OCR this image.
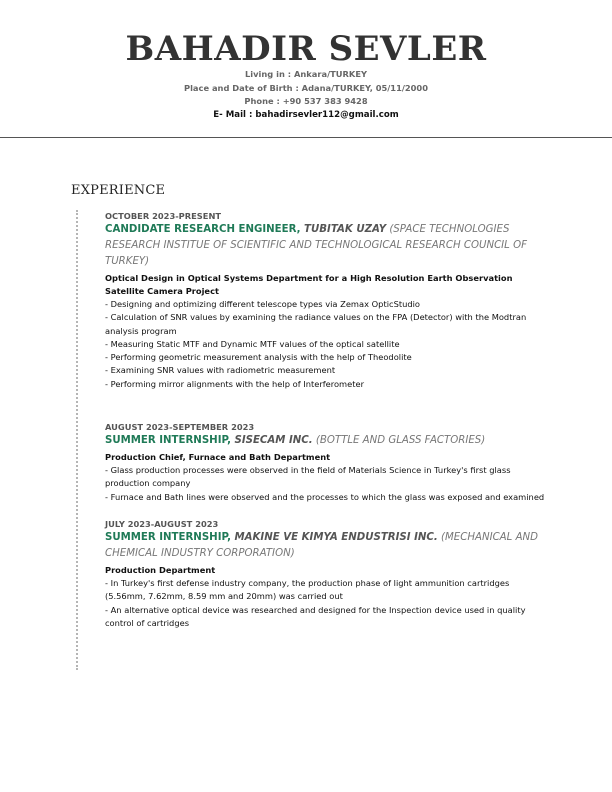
BAHADIR SEVLER
Living in : Ankara/TURKEY
Place and Date of Birth : Adana/TURKEY, 05/11/2000
Phone : +90 537 383 9428
E- Mail : bahadirsevler112@gmail.com
EXPERIENCE
OCTOBER 2023-PRESENT
CANDIDATE RESEARCH ENGINEER, TUBITAK UZAY (SPACE TECHNOLOGIES RESEARCH INSTITUE OF SCIENTIFIC AND TECHNOLOGICAL RESEARCH COUNCIL OF TURKEY)
Optical Design in Optical Systems Department for a High Resolution Earth Observation Satellite Camera Project
- Designing and optimizing different telescope types via Zemax OpticStudio
- Calculation of SNR values by examining the radiance values on the FPA (Detector) with the Modtran analysis program
- Measuring Static MTF and Dynamic MTF values of the optical satellite
- Performing geometric measurement analysis with the help of Theodolite
- Examining SNR values with radiometric measurement
- Performing mirror alignments with the help of Interferometer
AUGUST 2023-SEPTEMBER 2023
SUMMER INTERNSHIP, SISECAM INC. (BOTTLE AND GLASS FACTORIES)
Production Chief, Furnace and Bath Department
- Glass production processes were observed in the field of Materials Science in Turkey's first glass production company
- Furnace and Bath lines were observed and the processes to which the glass was exposed and examined
JULY 2023-AUGUST 2023
SUMMER INTERNSHIP, MAKINE VE KIMYA ENDUSTRISI INC. (MECHANICAL AND CHEMICAL INDUSTRY CORPORATION)
Production Department
- In Turkey's first defense industry company, the production phase of light ammunition cartridges (5.56mm, 7.62mm, 8.59 mm and 20mm) was carried out
- An alternative optical device was researched and designed for the Inspection device used in quality control of cartridges
